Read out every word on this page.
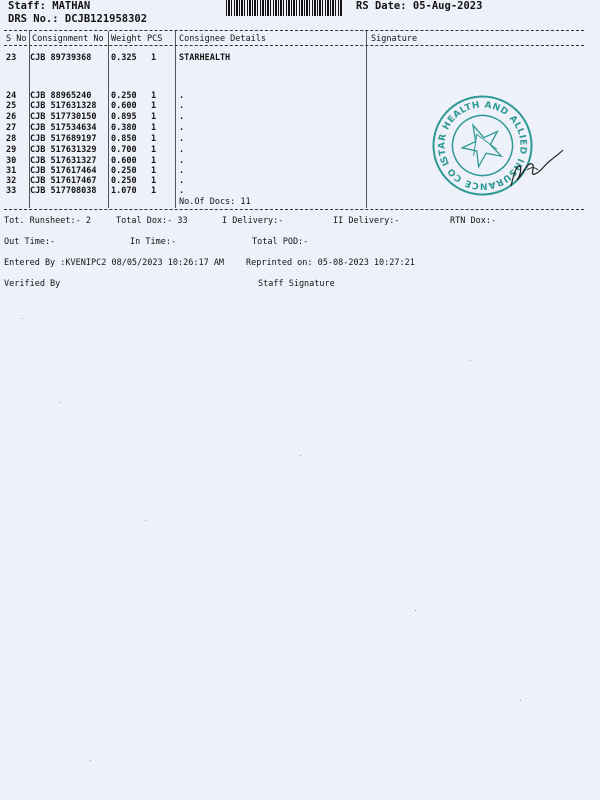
Staff: MATHAN
DRS No.: DCJB121958302
RS Date: 05-Aug-2023
S No Consignment No Weight PCS Consignee Details	Signature
23 CJB 89739368 0.325 1	STARHEALTH
24 CJB 88965240 0.250 1	.
25 CJB 517631328 0.600 1	.
26 CJB 517730150 0.895 1	.
27 CJB 517534634 0.380 1	.
28 CJB 517689197 0.850 1	.
29 CJB 517631329 0.700 1	.
30 CJB 517631327 0.600 1	.
31 CJB 517617464 0.250 1	.
32 CJB 517617467 0.250 1	.
33 CJB 517708038 1.070 1	.
No.Of Docs: 11
STAR HEALTH AND ALLIED INSURANCE CO LTD
Tot. Runsheet:- 2	Total Dox:- 33	I Delivery:-	II Delivery:-	RTN Dox:-
Out Time:-	In Time:-	Total POD:-
Entered By :KVENIPC2 08/05/2023 10:26:17 AM	Reprinted on: 05-08-2023 10:27:21
Verified By	Staff Signature
